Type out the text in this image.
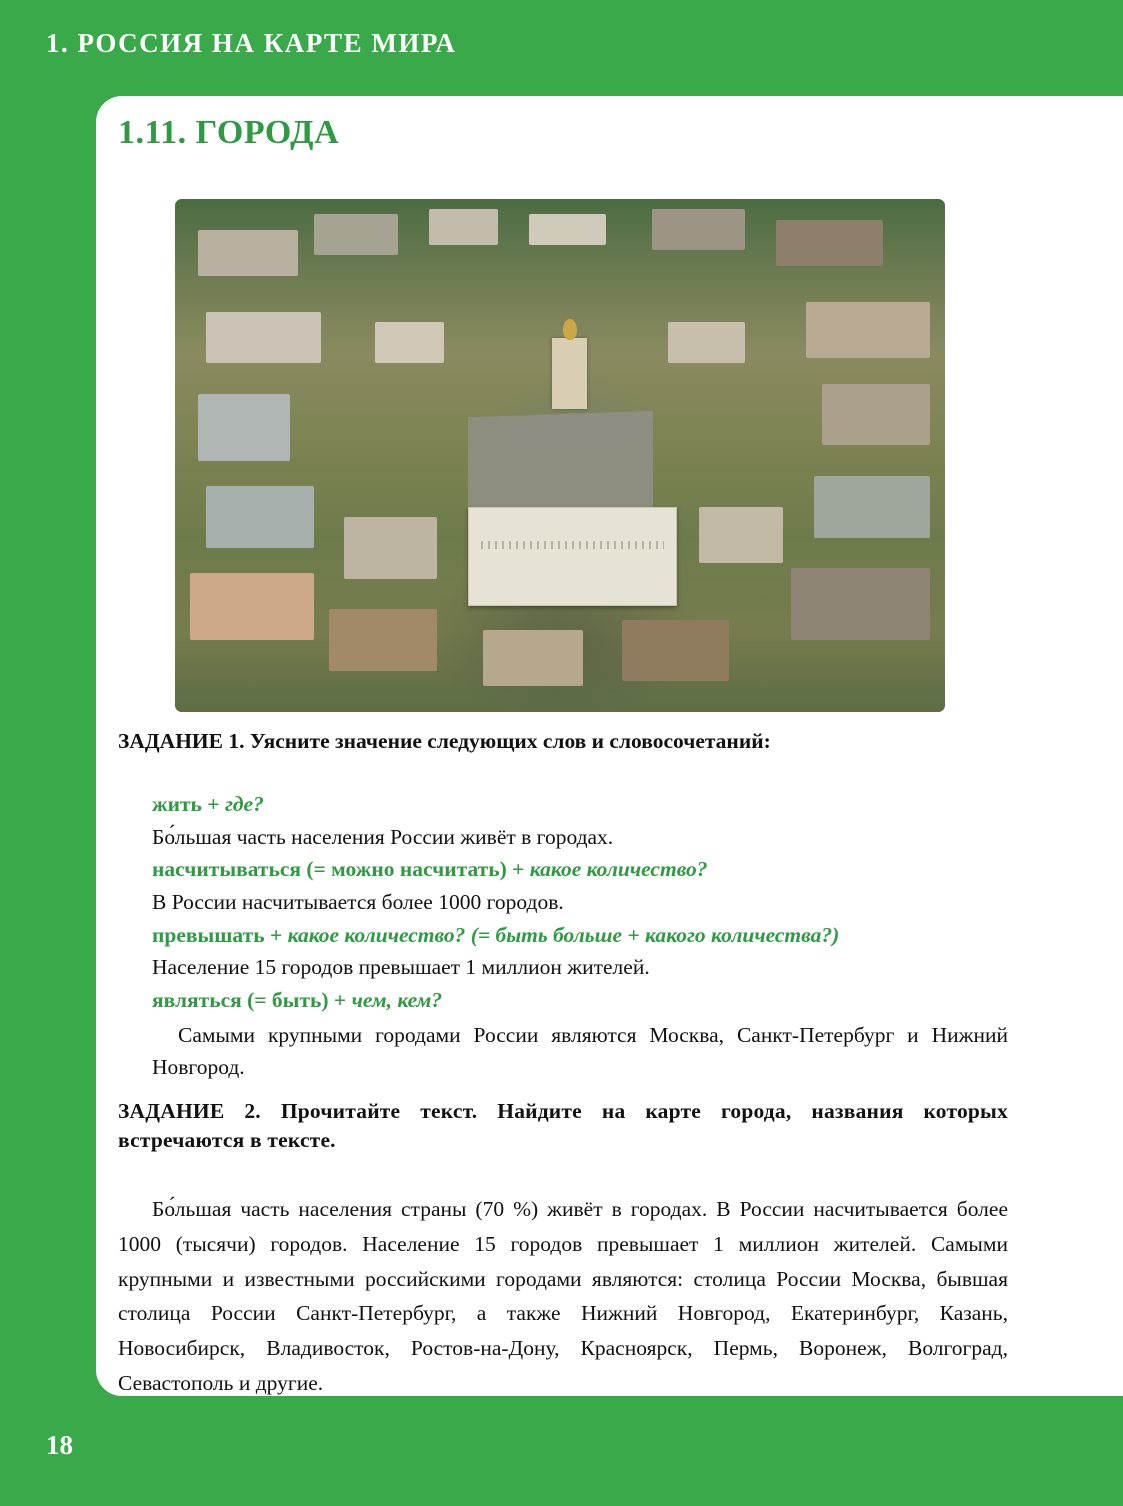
1. РОССИЯ НА КАРТЕ МИРА
1.11. ГОРОДА
ЗАДАНИЕ 1. Уясните значение следующих слов и словосочетаний:

жить + где?

Бо́льшая часть населения России живёт в городах.

насчитываться (= можно насчитать) + какое количество?

В России насчитывается более 1000 городов.

превышать + какое количество? (= быть больше + какого количества?)

Население 15 городов превышает 1 миллион жителей.

являться (= быть) + чем, кем?

Самыми крупными городами России являются Москва, Санкт-Петербург и Нижний Новгород.

ЗАДАНИЕ 2. Прочитайте текст. Найдите на карте города, названия которых встречаются в тексте.
Бо́льшая часть населения страны (70 %) живёт в городах. В России насчитывается более 1000 (тысячи) городов. Население 15 городов превышает 1 миллион жителей. Самыми крупными и известными российскими городами являются: столица России Москва, бывшая столица России Санкт-Петербург, а также Нижний Новгород, Екатеринбург, Казань, Новосибирск, Владивосток, Ростов-на-Дону, Красноярск, Пермь, Воронеж, Волгоград, Севастополь и другие.
18
